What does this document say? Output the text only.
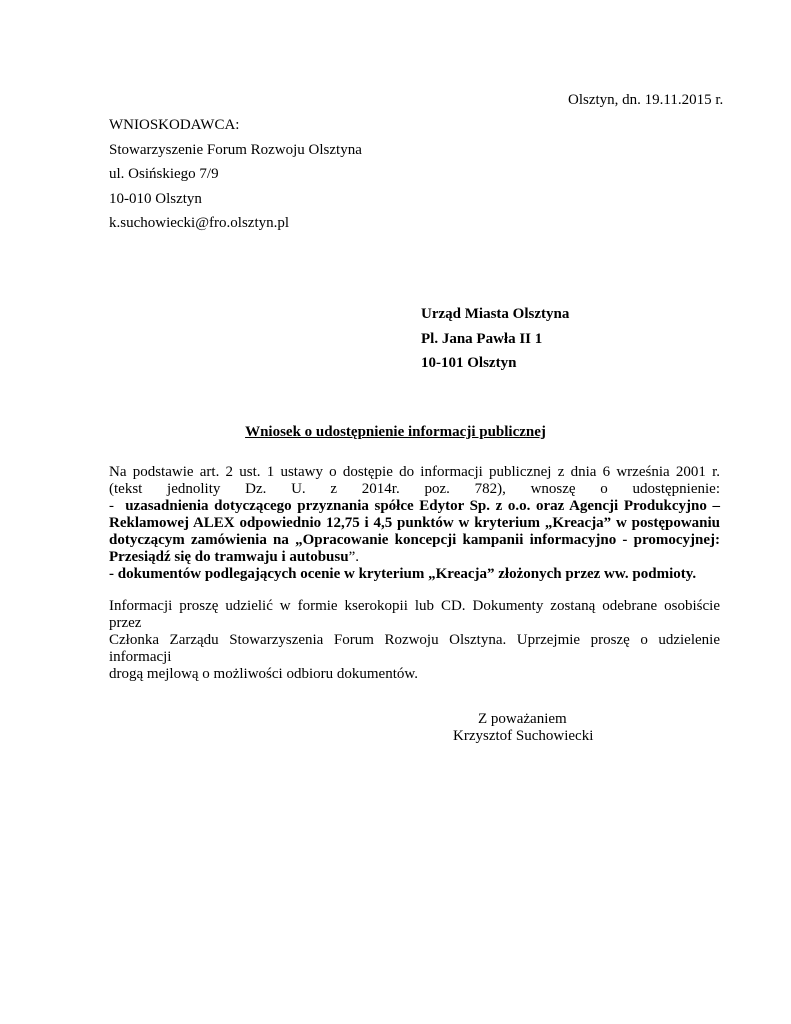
Olsztyn, dn. 19.11.2015 r.
WNIOSKODAWCA:
Stowarzyszenie Forum Rozwoju Olsztyna
ul. Osińskiego 7/9
10-010 Olsztyn
k.suchowiecki@fro.olsztyn.pl
Urząd Miasta Olsztyna
Pl. Jana Pawła II 1
10-101 Olsztyn
Wniosek o udostępnienie informacji publicznej
Na podstawie art. 2 ust. 1 ustawy o dostępie do informacji publicznej z dnia 6 września 2001 r.
(tekst jednolity Dz. U. z 2014r. poz. 782), wnoszę o udostępnienie:
- uzasadnienia dotyczącego przyznania spółce Edytor Sp. z o.o. oraz Agencji Produkcyjno –
Reklamowej ALEX odpowiednio 12,75 i 4,5 punktów w kryterium „Kreacja” w postępowaniu
dotyczącym zamówienia na „Opracowanie koncepcji kampanii informacyjno - promocyjnej:
Przesiądź się do tramwaju i autobusu”.
- dokumentów podlegających ocenie w kryterium „Kreacja” złożonych przez ww. podmioty.
Informacji proszę udzielić w formie kserokopii lub CD. Dokumenty zostaną odebrane osobiście przez
Członka Zarządu Stowarzyszenia Forum Rozwoju Olsztyna. Uprzejmie proszę o udzielenie informacji
drogą mejlową o możliwości odbioru dokumentów.
Z poważaniem
Krzysztof Suchowiecki
